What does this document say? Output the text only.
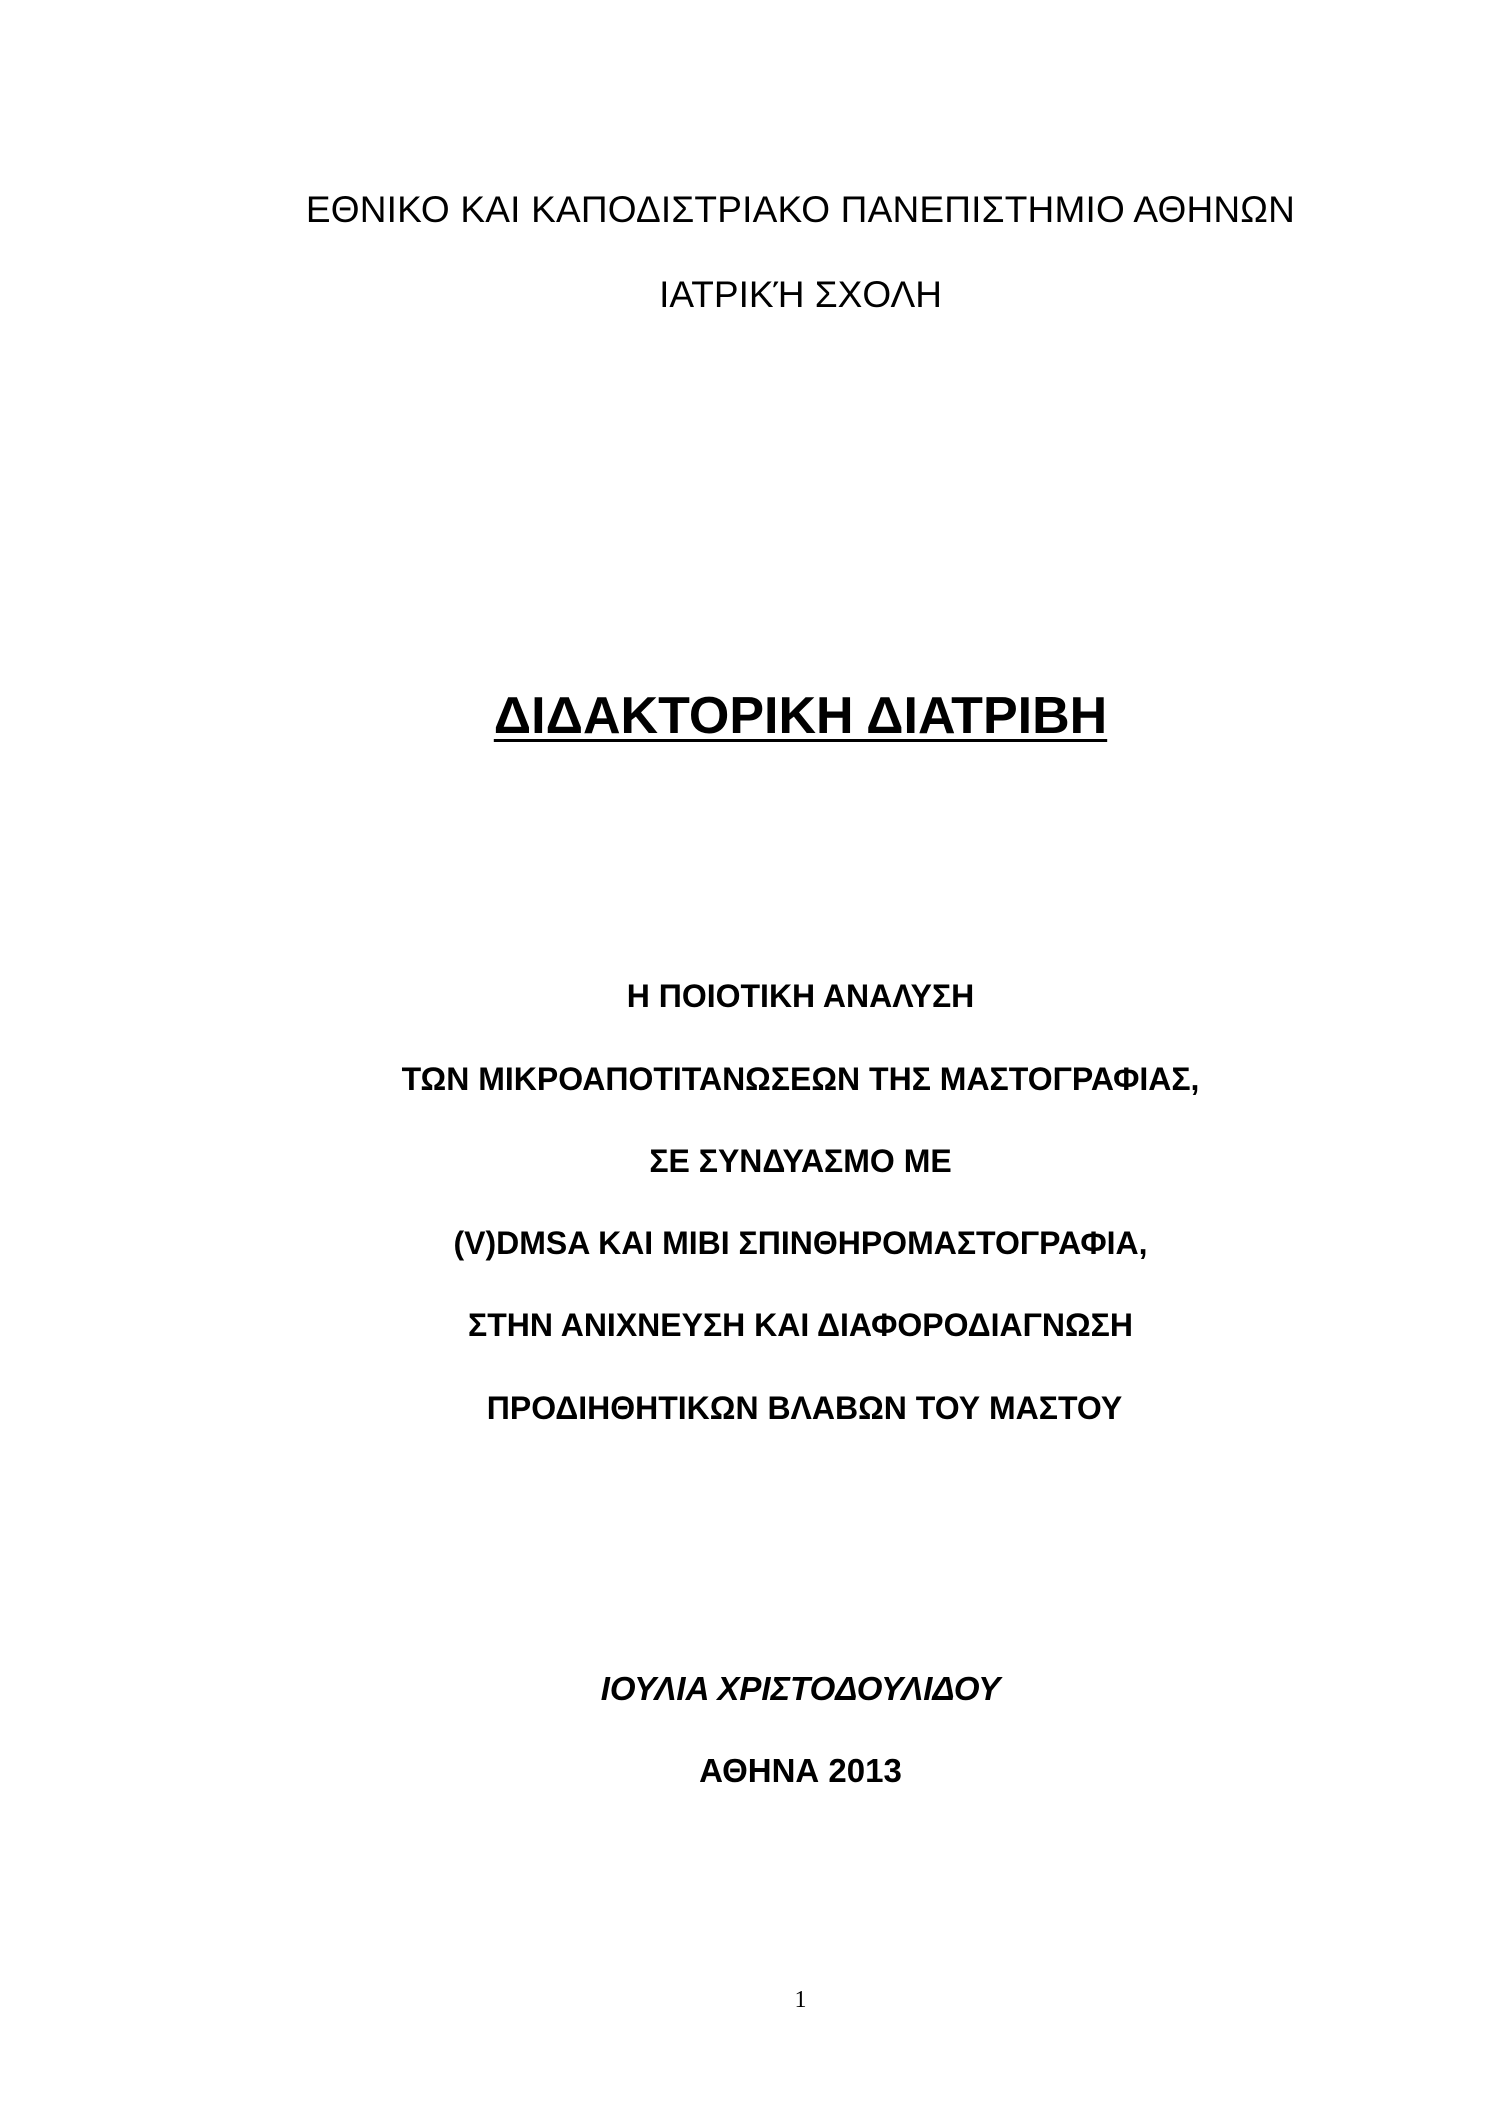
ΕΘΝΙΚΟ ΚΑΙ ΚΑΠΟΔΙΣΤΡΙΑΚΟ ΠΑΝΕΠΙΣΤΗΜΙΟ ΑΘΗΝΩΝ
ΙΑΤΡΙΚΉ ΣΧΟΛΗ
ΔΙΔΑΚΤΟΡΙΚΗ ΔΙΑΤΡΙΒΗ
Η ΠΟΙΟΤΙΚΗ ΑΝΑΛΥΣΗ
ΤΩΝ ΜΙΚΡΟΑΠΟΤΙΤΑΝΩΣΕΩΝ ΤΗΣ ΜΑΣΤΟΓΡΑΦΙΑΣ,
ΣΕ ΣΥΝΔΥΑΣΜΟ ΜΕ
(V)DMSA ΚΑΙ ΜΙΒΙ ΣΠΙΝΘΗΡΟΜΑΣΤΟΓΡΑΦΙΑ,
ΣΤΗΝ ΑΝΙΧΝΕΥΣΗ ΚΑΙ ΔΙΑΦΟΡΟΔΙΑΓΝΩΣΗ
ΠΡΟΔΙΗΘΗΤΙΚΩΝ ΒΛΑΒΩΝ ΤΟΥ ΜΑΣΤΟΥ
ΙΟΥΛΙΑ ΧΡΙΣΤΟΔΟΥΛΙΔΟΥ
ΑΘΗΝΑ 2013
1
